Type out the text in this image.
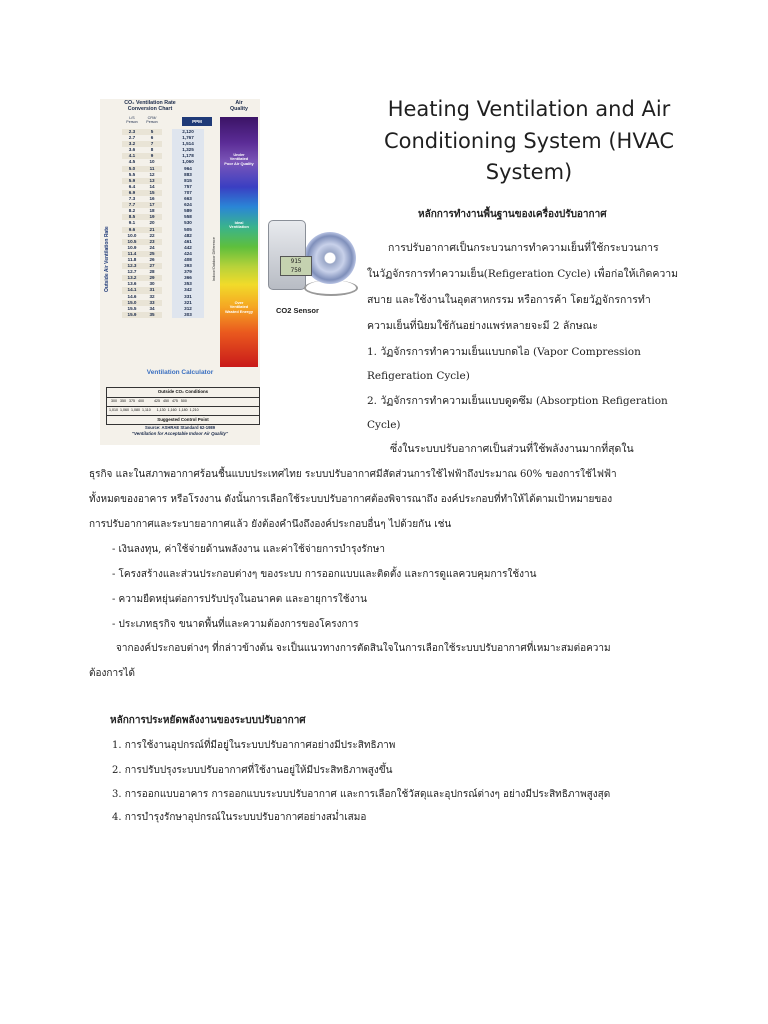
CO₂ Ventilation Rate
Conversion Chart
Air
Quality
L/S
Person
CFM/
Person	PPM
Outside Air Ventilation Rate	Indoor/Outdoor Difference
2.3	5	2,120
2.7	6	1,767
3.2	7	1,514
3.6	8	1,325
4.1	9	1,178
4.5	10	1,060
5.0	11	964
5.5	12	883
5.9	13	815
6.4	14	757
6.9	15	707
7.3	16	663
7.7	17	624
8.2	18	589
8.5	19	558
9.1	20	530
9.6	21	505
10.0	22	482
10.5	23	461
10.9	24	442
11.4	25	424
11.8	26	408
12.3	27	393
12.7	28	379
13.2	29	366
13.6	30	353
14.1	31	342
14.6	32	331
15.0	33	321
15.5	34	312
15.9	35	303
Under
Ventilated
Poor Air Quality
Ideal
Ventilation
Over
Ventilated
Wasted Energy
Ventilation Calculator
Outside CO₂ Conditions
300   350   375   400          425   450   475   500
1,010  1,060  1,080  1,110      1,130  1,160  1,180  1,210
Suggested Control Point
Source: ASHRAE Standard 62-1989
"Ventilation for Acceptable Indoor Air Quality"
915
750
CO2 Sensor
Heating Ventilation and Air Conditioning System (HVAC System)
หลักการทำงานพื้นฐานของเครื่องปรับอากาศ
การปรับอากาศเป็นกระบวนการทำความเย็นที่ใช้กระบวนการ
ในวัฏจักรการทำความเย็น(Refigeration Cycle) เพื่อก่อให้เกิดความ
สบาย และใช้งานในอุตสาหกรรม หรือการค้า โดยวัฏจักรการทำ
ความเย็นที่นิยมใช้กันอย่างแพร่หลายจะมี 2 ลักษณะ
1. วัฏจักรการทำความเย็นแบบกดไอ (Vapor Compression
Refigeration Cycle)
2. วัฏจักรการทำความเย็นแบบดูดซึม (Absorption Refigeration
Cycle)
ซึ่งในระบบปรับอากาศเป็นส่วนที่ใช้พลังงานมากที่สุดใน
ธุรกิจ และในสภาพอากาศร้อนชื้นแบบประเทศไทย ระบบปรับอากาศมีสัดส่วนการใช้ไฟฟ้าถึงประมาณ 60% ของการใช้ไฟฟ้า
ทั้งหมดของอาคาร หรือโรงงาน ดังนั้นการเลือกใช้ระบบปรับอากาศต้องพิจารณาถึง องค์ประกอบที่ทำให้ได้ตามเป้าหมายของ
การปรับอากาศและระบายอากาศแล้ว ยังต้องคำนึงถึงองค์ประกอบอื่นๆ ไปด้วยกัน เช่น
- เงินลงทุน, ค่าใช้จ่ายด้านพลังงาน และค่าใช้จ่ายการบำรุงรักษา
- โครงสร้างและส่วนประกอบต่างๆ ของระบบ การออกแบบและติดตั้ง และการดูแลควบคุมการใช้งาน
- ความยืดหยุ่นต่อการปรับปรุงในอนาคต และอายุการใช้งาน
- ประเภทธุรกิจ ขนาดพื้นที่และความต้องการของโครงการ
จากองค์ประกอบต่างๆ ที่กล่าวข้างต้น จะเป็นแนวทางการตัดสินใจในการเลือกใช้ระบบปรับอากาศที่เหมาะสมต่อความ
ต้องการได้
หลักการประหยัดพลังงานของระบบปรับอากาศ
1. การใช้งานอุปกรณ์ที่มีอยู่ในระบบปรับอากาศอย่างมีประสิทธิภาพ
2. การปรับปรุงระบบปรับอากาศที่ใช้งานอยู่ให้มีประสิทธิภาพสูงขึ้น
3. การออกแบบอาคาร การออกแบบระบบปรับอากาศ และการเลือกใช้วัสดุและอุปกรณ์ต่างๆ อย่างมีประสิทธิภาพสูงสุด
4. การบำรุงรักษาอุปกรณ์ในระบบปรับอากาศอย่างสม่ำเสมอ
